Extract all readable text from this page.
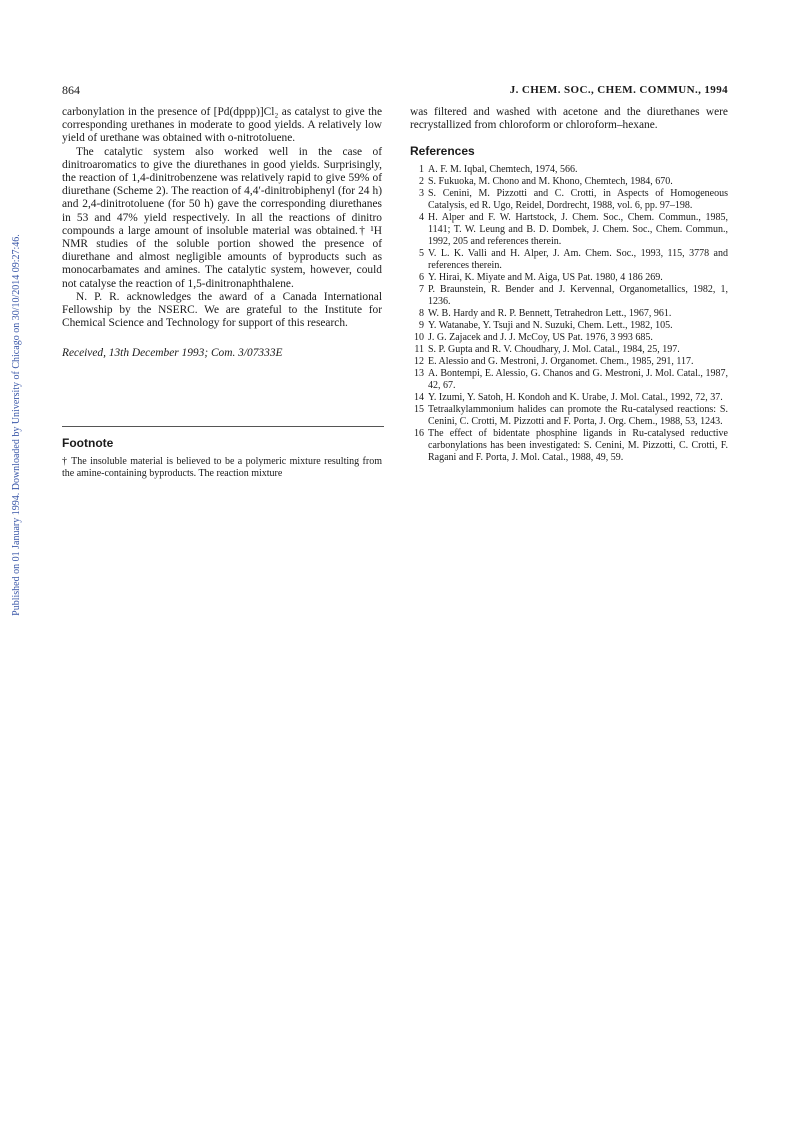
Published on 01 January 1994. Downloaded by University of Chicago on 30/10/2014 09:27:46.
864	J. CHEM. SOC., CHEM. COMMUN., 1994

carbonylation in the presence of [Pd(dppp)]Cl₂ as catalyst to give the corresponding urethanes in moderate to good yields. A relatively low yield of urethane was obtained with o-nitrotoluene.

The catalytic system also worked well in the case of dinitroaromatics to give the diurethanes in good yields. Surprisingly, the reaction of 1,4-dinitrobenzene was relatively rapid to give 59% of diurethane (Scheme 2). The reaction of 4,4′-dinitrobiphenyl (for 24 h) and 2,4-dinitrotoluene (for 50 h) gave the corresponding diurethanes in 53 and 47% yield respectively. In all the reactions of dinitro compounds a large amount of insoluble material was obtained.† ¹H NMR studies of the soluble portion showed the presence of diurethane and almost negligible amounts of byproducts such as monocarbamates and amines. The catalytic system, however, could not catalyse the reaction of 1,5-dinitronaphthalene.

N. P. R. acknowledges the award of a Canada International Fellowship by the NSERC. We are grateful to the Institute for Chemical Science and Technology for support of this research.

Received, 13th December 1993; Com. 3/07333E
Footnote
† The insoluble material is believed to be a polymeric mixture resulting from the amine-containing byproducts. The reaction mixture

was filtered and washed with acetone and the diurethanes were recrystallized from chloroform or chloroform–hexane.

References
1 A. F. M. Iqbal, Chemtech, 1974, 566.
2 S. Fukuoka, M. Chono and M. Khono, Chemtech, 1984, 670.
3 S. Cenini, M. Pizzotti and C. Crotti, in Aspects of Homogeneous Catalysis, ed R. Ugo, Reidel, Dordrecht, 1988, vol. 6, pp. 97–198.
4 H. Alper and F. W. Hartstock, J. Chem. Soc., Chem. Commun., 1985, 1141; T. W. Leung and B. D. Dombek, J. Chem. Soc., Chem. Commun., 1992, 205 and references therein.
5 V. L. K. Valli and H. Alper, J. Am. Chem. Soc., 1993, 115, 3778 and references therein.
6 Y. Hirai, K. Miyate and M. Aiga, US Pat. 1980, 4 186 269.
7 P. Braunstein, R. Bender and J. Kervennal, Organometallics, 1982, 1, 1236.
8 W. B. Hardy and R. P. Bennett, Tetrahedron Lett., 1967, 961.
9 Y. Watanabe, Y. Tsuji and N. Suzuki, Chem. Lett., 1982, 105.
10 J. G. Zajacek and J. J. McCoy, US Pat. 1976, 3 993 685.
11 S. P. Gupta and R. V. Choudhary, J. Mol. Catal., 1984, 25, 197.
12 E. Alessio and G. Mestroni, J. Organomet. Chem., 1985, 291, 117.
13 A. Bontempi, E. Alessio, G. Chanos and G. Mestroni, J. Mol. Catal., 1987, 42, 67.
14 Y. Izumi, Y. Satoh, H. Kondoh and K. Urabe, J. Mol. Catal., 1992, 72, 37.
15 Tetraalkylammonium halides can promote the Ru-catalysed reactions: S. Cenini, C. Crotti, M. Pizzotti and F. Porta, J. Org. Chem., 1988, 53, 1243.
16 The effect of bidentate phosphine ligands in Ru-catalysed reductive carbonylations has been investigated: S. Cenini, M. Pizzotti, C. Crotti, F. Ragani and F. Porta, J. Mol. Catal., 1988, 49, 59.
